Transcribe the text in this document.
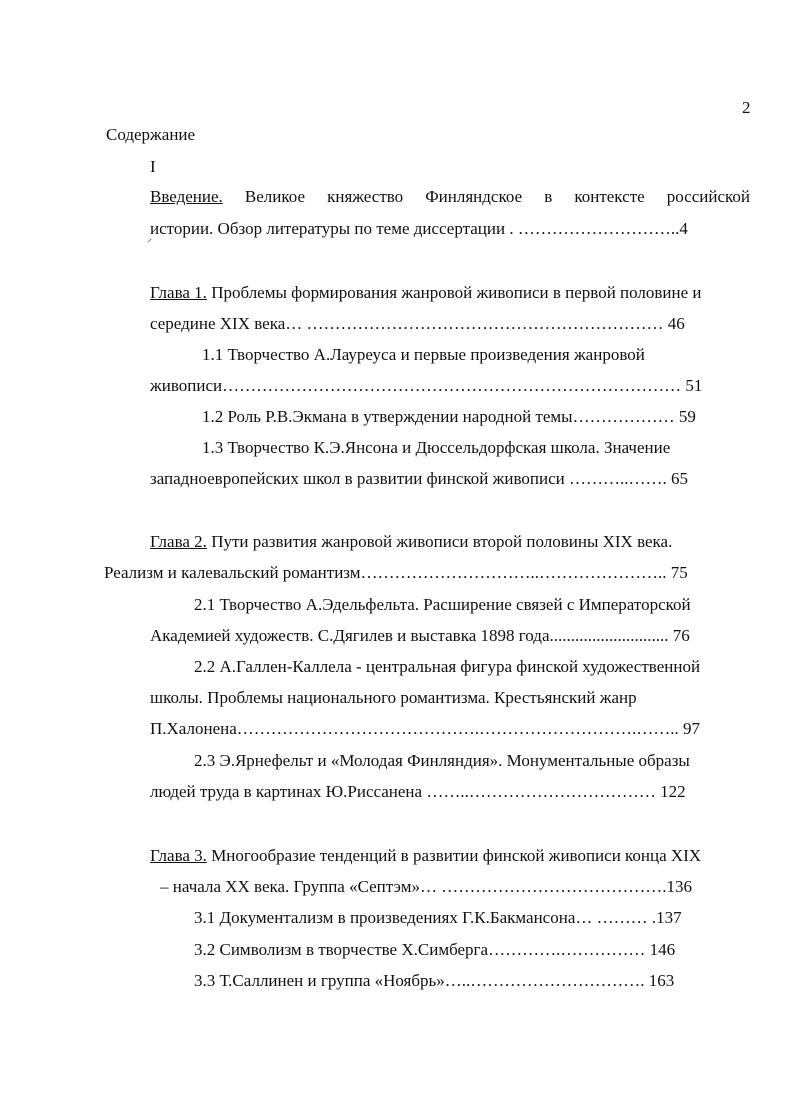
2
Содержание
I
Введение. Великое княжество Финляндское в контексте российской
истории. Обзор литературы по теме диссертации . ………………………..4
Глава 1. Проблемы формирования жанровой живописи в первой половине и
середине XIX века… ……………………………………………………… 46
1.1 Творчество А.Лауреуса и первые произведения жанровой
живописи……………………………………………………………………… 51
1.2 Роль Р.В.Экмана в утверждении народной темы……………… 59
1.3 Творчество К.Э.Янсона и Дюссельдорфская школа. Значение
западноевропейских школ в развитии финской живописи ………..……. 65
Глава 2. Пути развития жанровой живописи второй половины XIX века.
Реализм и калевальский романтизм…………………………..………………….. 75
2.1 Творчество А.Эдельфельта. Расширение связей с Императорской
Академией художеств. С.Дягилев и выставка 1898 года............................ 76
2.2 А.Галлен-Каллела - центральная фигура финской художественной
школы. Проблемы национального романтизма. Крестьянский жанр
П.Халонена…………………………………….……………………….…….. 97
2.3 Э.Ярнефельт и «Молодая Финляндия». Монументальные образы
людей труда в картинах Ю.Риссанена ……..…………………………… 122
Глава 3. Многообразие тенденций в развитии финской живописи конца XIX
– начала XX века. Группа «Септэм»… ………………………………….136
3.1 Документализм в произведениях Г.К.Бакмансона… ……… .137
3.2 Символизм в творчестве Х.Симберга………….…………… 146
3.3 Т.Саллинен и группа «Ноябрь»…..…………………………. 163
